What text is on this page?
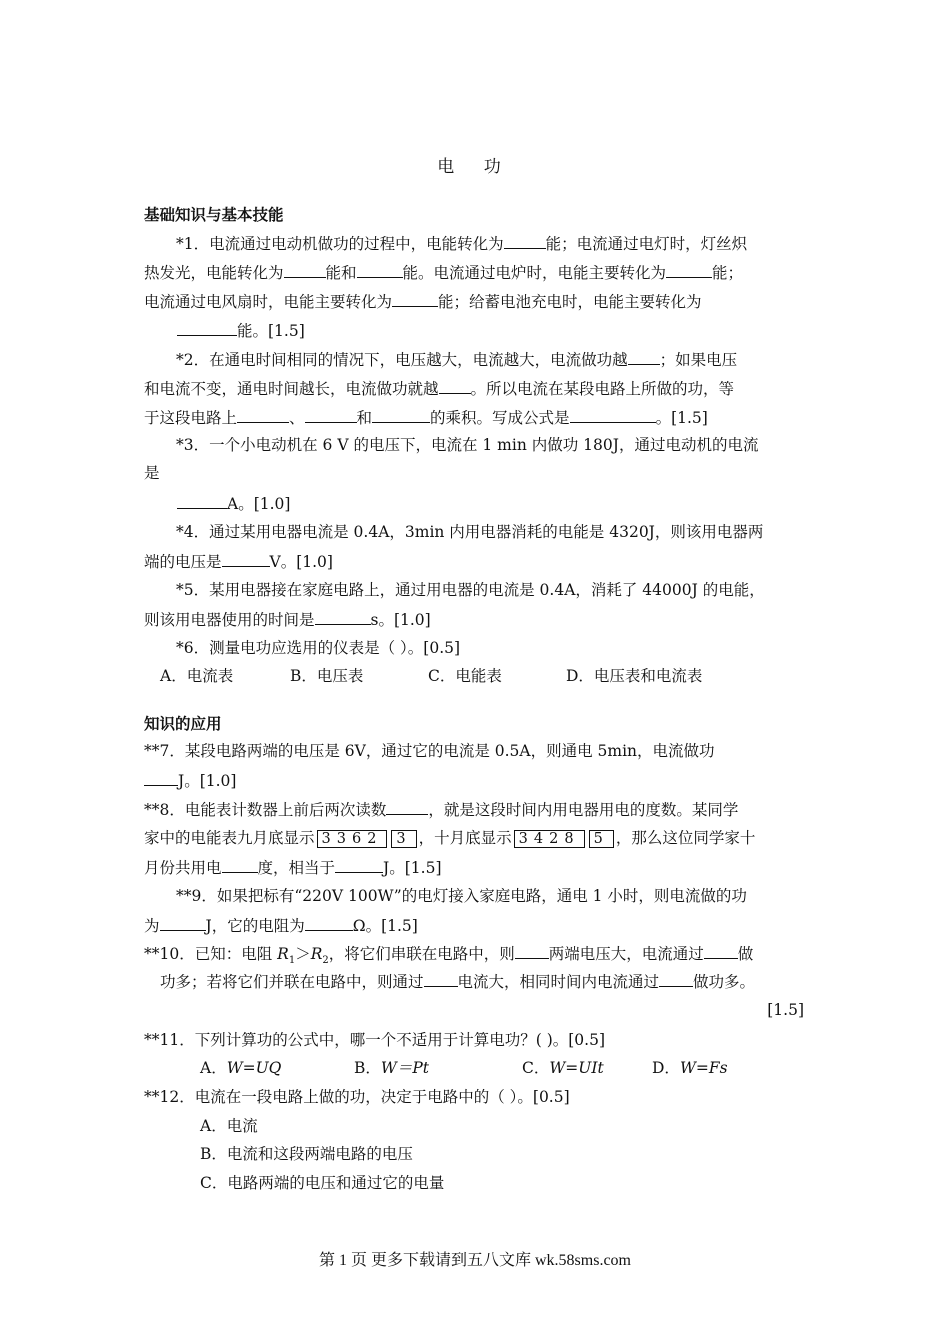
电 功
基础知识与基本技能
*1．电流通过电动机做功的过程中，电能转化为	能；电流通过电灯时，灯丝炽
热发光，电能转化为	能和	能。电流通过电炉时，电能主要转化为	能；
电流通过电风扇时，电能主要转化为	能；给蓄电池充电时，电能主要转化为
能。[1.5]
*2．在通电时间相同的情况下，电压越大，电流越大，电流做功越 ；如果电压
和电流不变，通电时间越长，电流做功就越 。所以电流在某段电路上所做的功，等
于这段电路上	、	和	的乘积。写成公式是	。[1.5]
*3．一个小电动机在 6 V 的电压下，电流在 1 min 内做功 180J，通过电动机的电流
是
A。[1.0]
*4．通过某用电器电流是 0.4A，3min 内用电器消耗的电能是 4320J，则该用电器两
端的电压是	V。[1.0]
*5．某用电器接在家庭电路上，通过用电器的电流是 0.4A，消耗了 44000J 的电能，
则该用电器使用的时间是	s。[1.0]
*6．测量电功应选用的仪表是（ ）。[0.5]
A．电流表	B．电压表	C．电能表	D．电压表和电流表
知识的应用
**7．某段电路两端的电压是 6V，通过它的电流是 0.5A，则通电 5min，电流做功
J。[1.0]
**8．电能表计数器上前后两次读数	，就是这段时间内用电器用电的度数。某同学
家中的电能表九月底显示 3362 3 ，十月底显示 3428 5 ，那么这位同学家十
月份共用电 度，相当于	J。[1.5]
**9．如果把标有“220V 100W”的电灯接入家庭电路，通电 1 小时，则电流做的功
为	J，它的电阻为	Ω。[1.5]
**10．已知：电阻 $R_1>R_2$，将它们串联在电路中，则 两端电压大，电流通过 做
功多；若将它们并联在电路中，则通过 电流大，相同时间内电流通过 做功多。
[1.5]
**11．下列计算功的公式中，哪一个不适用于计算电功？( )。[0.5]
A．W=UQ	B．W＝Pt	C．W=UIt	D．W=Fs
**12．电流在一段电路上做的功，决定于电路中的（ ）。[0.5]
A．电流
B．电流和这段两端电路的电压
C．电路两端的电压和通过它的电量
第 1 页 更多下载请到五八文库 wk.58sms.com
